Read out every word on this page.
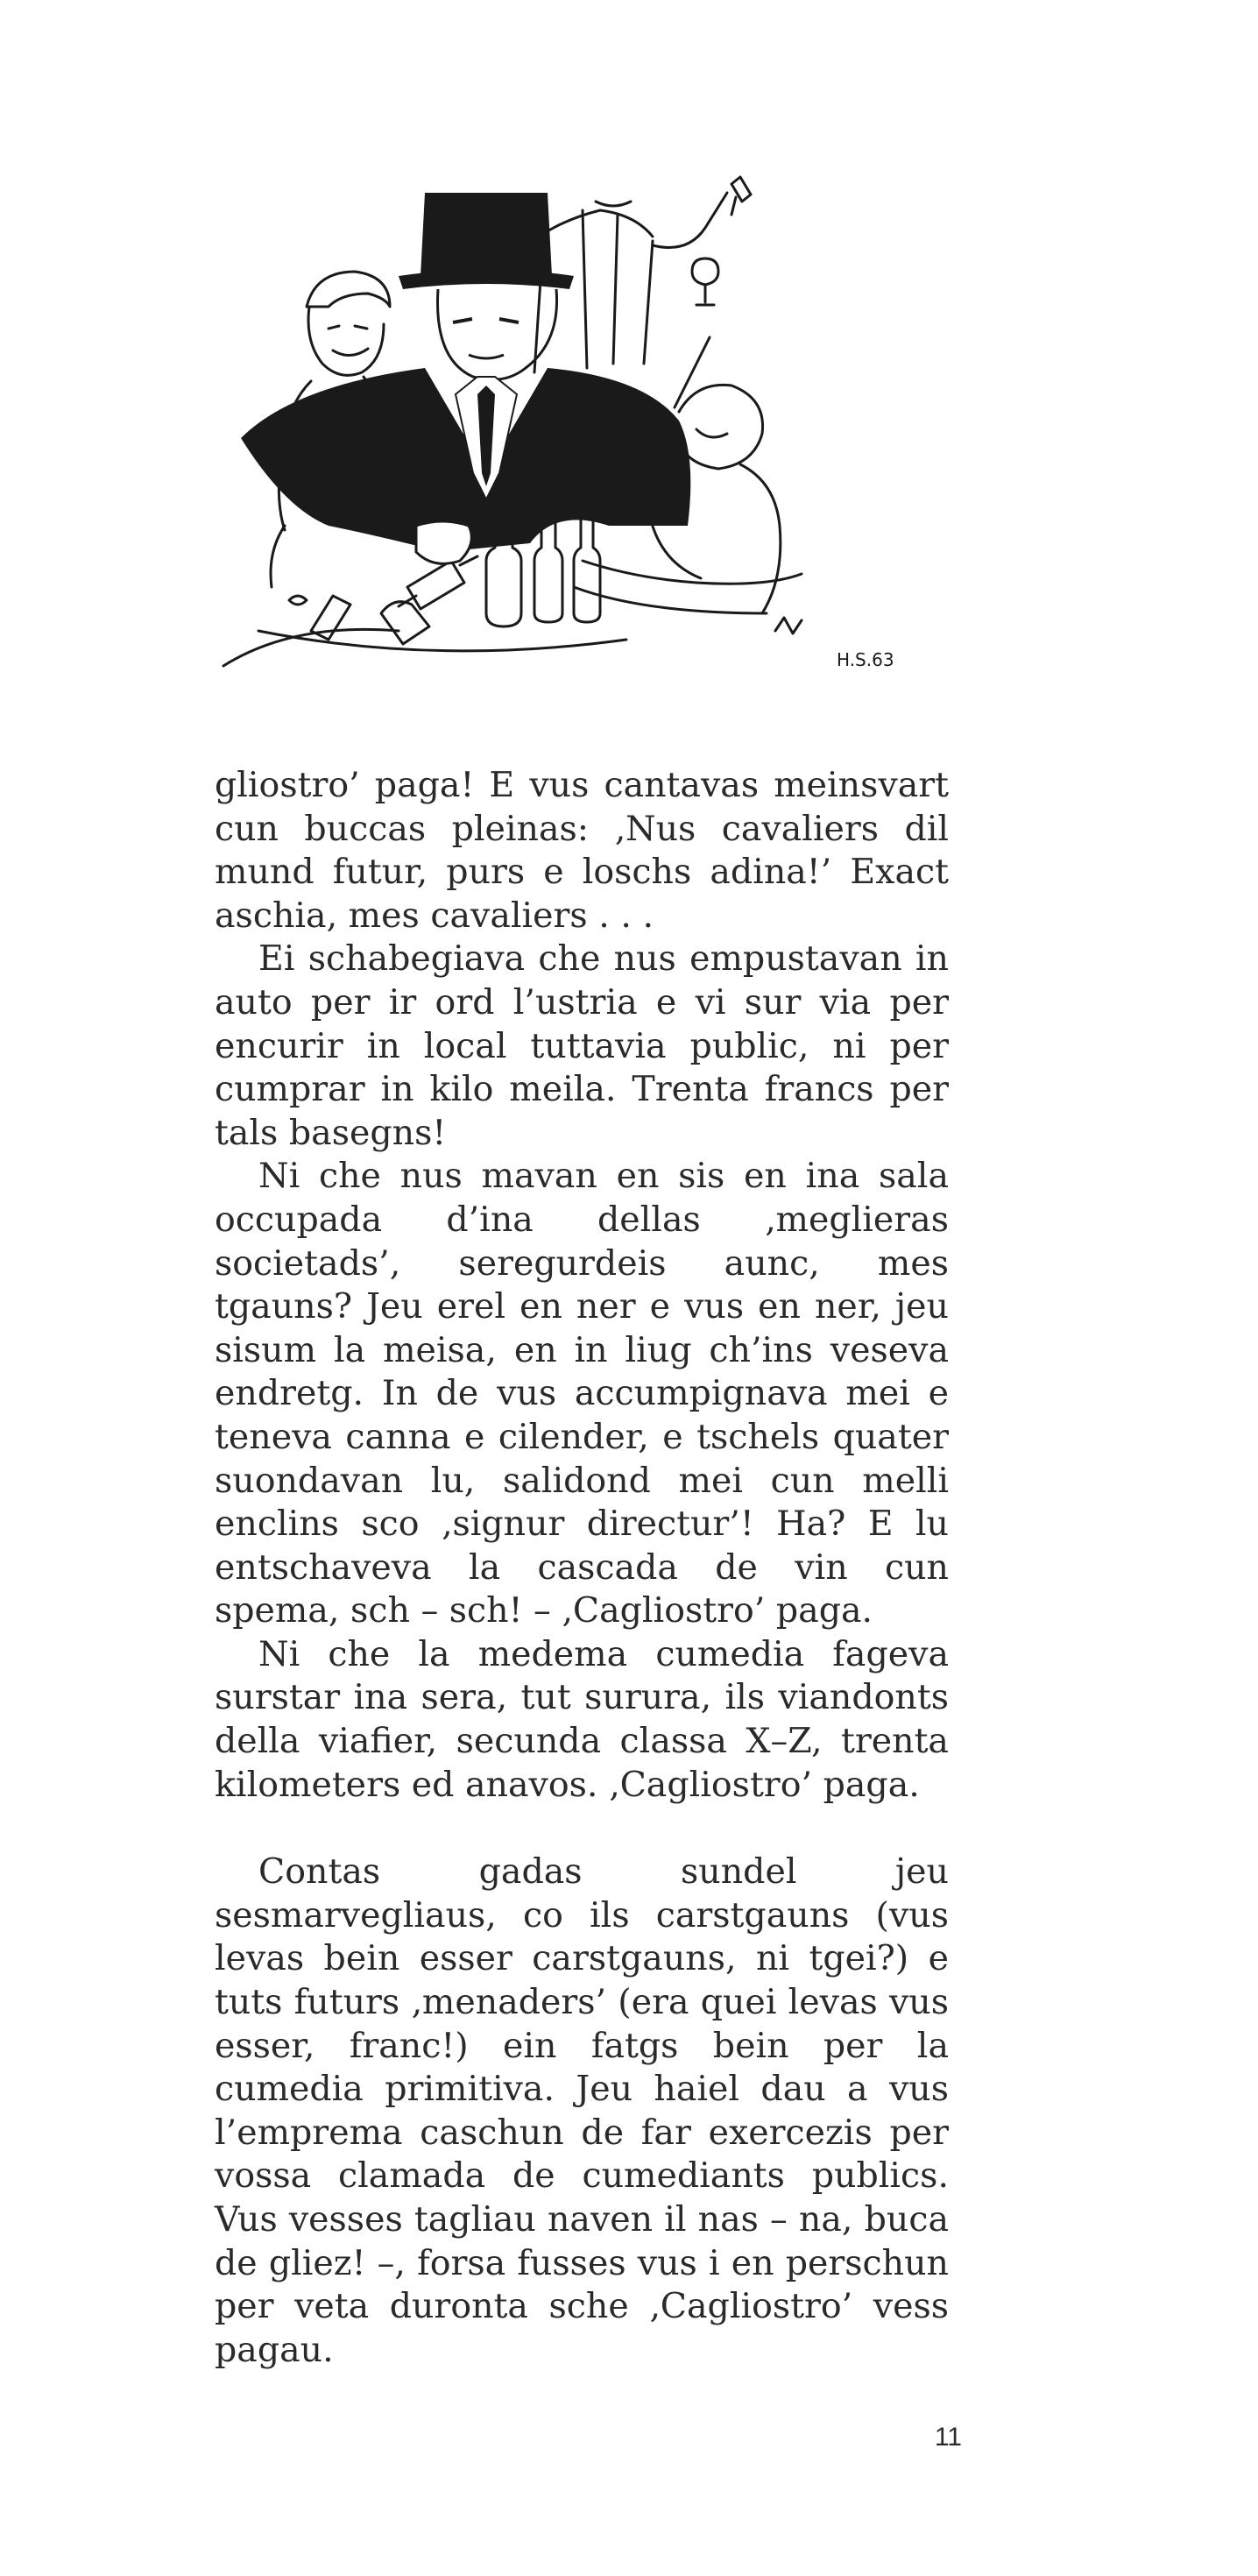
H.S.63

gliostro’ paga! E vus cantavas meinsvart cun buccas pleinas: ‚Nus cavaliers dil mund futur, purs e loschs adina!’ Exact aschia, mes cavaliers . . .

Ei schabegiava che nus empustavan in auto per ir ord l’ustria e vi sur via per encurir in local tuttavia public, ni per cumprar in kilo meila. Trenta francs per tals basegns!

Ni che nus mavan en sis en ina sala occupada d’ina dellas ‚meglieras societads’, seregurdeis aunc, mes tgauns? Jeu erel en ner e vus en ner, jeu sisum la meisa, en in liug ch’ins veseva endretg. In de vus accumpignava mei e teneva canna e cilender, e tschels quater suondavan lu, salidond mei cun melli enclins sco ‚signur directur’! Ha? E lu entschaveva la cascada de vin cun spema, sch – sch! – ‚Cagliostro’ paga.

Ni che la medema cumedia fageva surstar ina sera, tut surura, ils viandonts della viafier, secunda classa X–Z, trenta kilometers ed anavos. ‚Cagliostro’ paga.

Contas gadas sundel jeu sesmarvegliaus, co ils carstgauns (vus levas bein esser carstgauns, ni tgei?) e tuts futurs ‚menaders’ (era quei levas vus esser, franc!) ein fatgs bein per la cumedia primitiva. Jeu haiel dau a vus l’emprema caschun de far exercezis per vossa clamada de cumediants publics. Vus vesses tagliau naven il nas – na, buca de gliez! –, forsa fusses vus i en perschun per veta duronta sche ‚Cagliostro’ vess pagau.

11
